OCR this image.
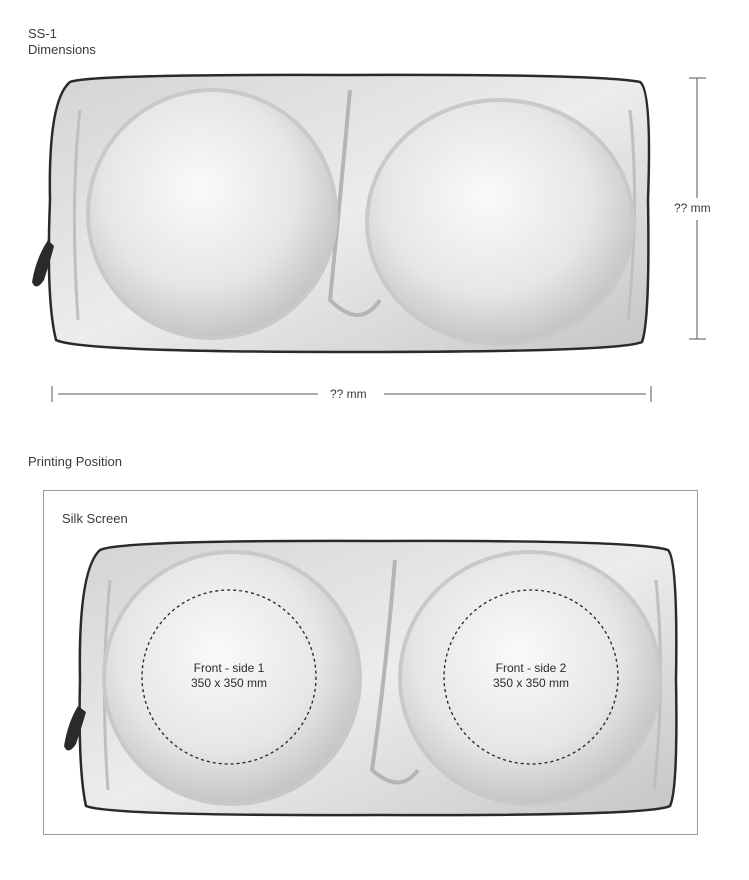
SS-1
Dimensions
?? mm
?? mm
Printing Position
Silk Screen
Front - side 1
350 x 350 mm
Front - side 2
350 x 350 mm
